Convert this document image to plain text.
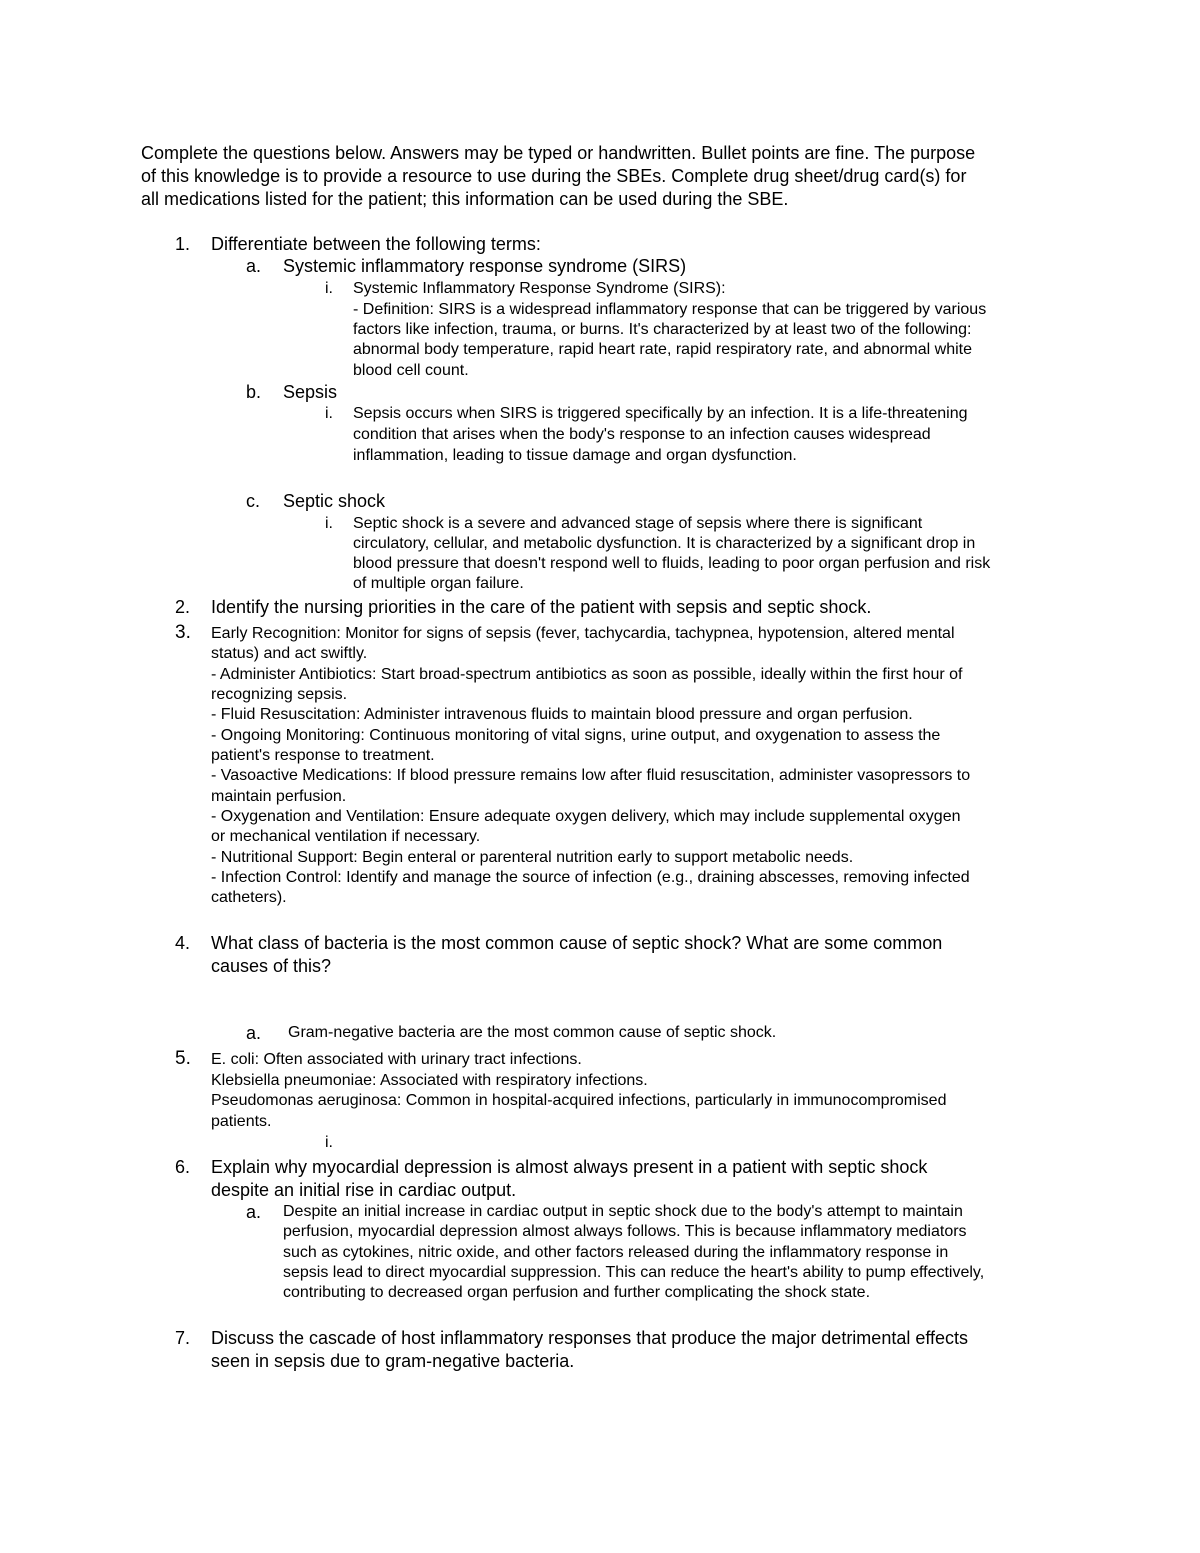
Complete the questions below. Answers may be typed or handwritten. Bullet points are fine. The purpose
of this knowledge is to provide a resource to use during the SBEs. Complete drug sheet/drug card(s) for
all medications listed for the patient; this information can be used during the SBE.
1. Differentiate between the following terms:
a. Systemic inflammatory response syndrome (SIRS)
i. Systemic Inflammatory Response Syndrome (SIRS):
- Definition: SIRS is a widespread inflammatory response that can be triggered by various
factors like infection, trauma, or burns. It's characterized by at least two of the following:
abnormal body temperature, rapid heart rate, rapid respiratory rate, and abnormal white
blood cell count.
b. Sepsis
i. Sepsis occurs when SIRS is triggered specifically by an infection. It is a life-threatening
condition that arises when the body's response to an infection causes widespread
inflammation, leading to tissue damage and organ dysfunction.
c. Septic shock
i. Septic shock is a severe and advanced stage of sepsis where there is significant
circulatory, cellular, and metabolic dysfunction. It is characterized by a significant drop in
blood pressure that doesn't respond well to fluids, leading to poor organ perfusion and risk
of multiple organ failure.
2. Identify the nursing priorities in the care of the patient with sepsis and septic shock.
3. Early Recognition: Monitor for signs of sepsis (fever, tachycardia, tachypnea, hypotension, altered mental
status) and act swiftly.
- Administer Antibiotics: Start broad-spectrum antibiotics as soon as possible, ideally within the first hour of
recognizing sepsis.
- Fluid Resuscitation: Administer intravenous fluids to maintain blood pressure and organ perfusion.
- Ongoing Monitoring: Continuous monitoring of vital signs, urine output, and oxygenation to assess the
patient's response to treatment.
- Vasoactive Medications: If blood pressure remains low after fluid resuscitation, administer vasopressors to
maintain perfusion.
- Oxygenation and Ventilation: Ensure adequate oxygen delivery, which may include supplemental oxygen
or mechanical ventilation if necessary.
- Nutritional Support: Begin enteral or parenteral nutrition early to support metabolic needs.
- Infection Control: Identify and manage the source of infection (e.g., draining abscesses, removing infected
catheters).
4. What class of bacteria is the most common cause of septic shock? What are some common
causes of this?
a. Gram-negative bacteria are the most common cause of septic shock.
5. E. coli: Often associated with urinary tract infections.
Klebsiella pneumoniae: Associated with respiratory infections.
Pseudomonas aeruginosa: Common in hospital-acquired infections, particularly in immunocompromised
patients.
i.
6. Explain why myocardial depression is almost always present in a patient with septic shock
despite an initial rise in cardiac output.
a. Despite an initial increase in cardiac output in septic shock due to the body's attempt to maintain
perfusion, myocardial depression almost always follows. This is because inflammatory mediators
such as cytokines, nitric oxide, and other factors released during the inflammatory response in
sepsis lead to direct myocardial suppression. This can reduce the heart's ability to pump effectively,
contributing to decreased organ perfusion and further complicating the shock state.
7. Discuss the cascade of host inflammatory responses that produce the major detrimental effects
seen in sepsis due to gram-negative bacteria.
